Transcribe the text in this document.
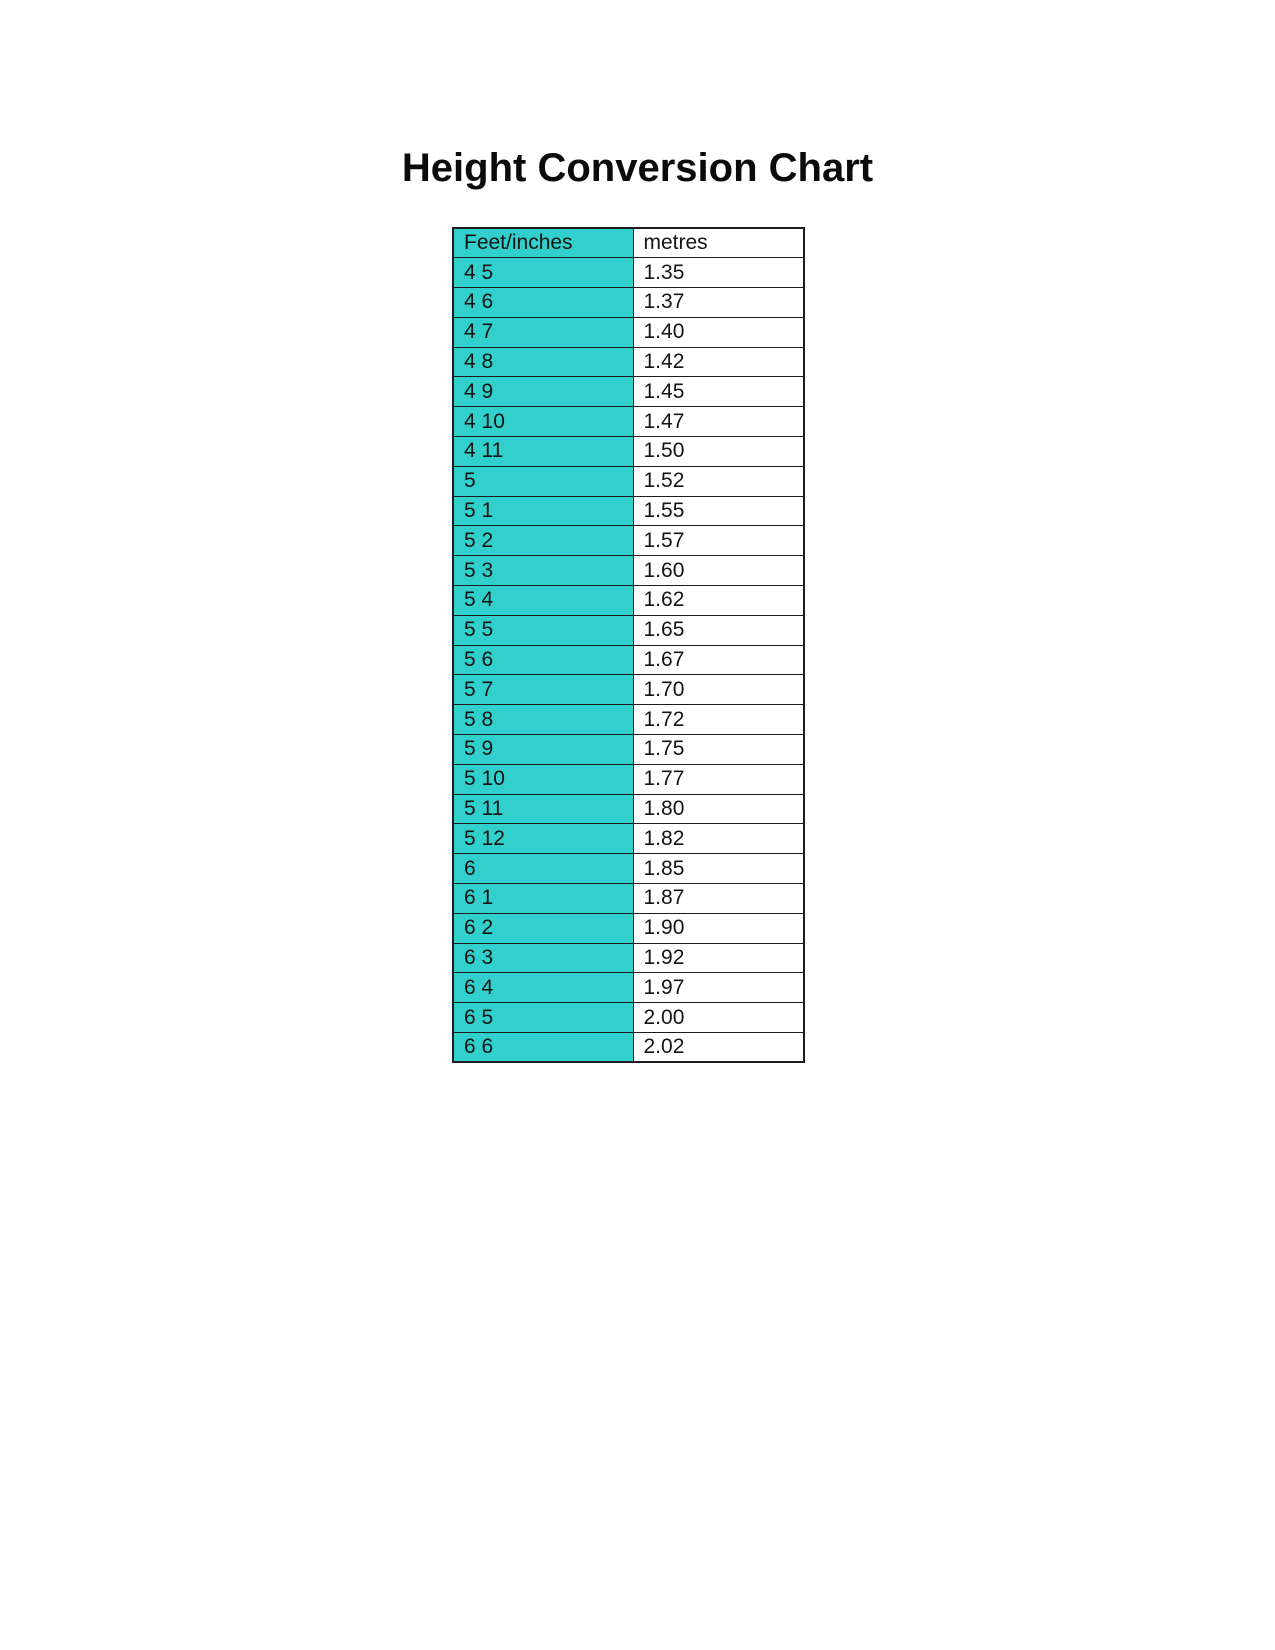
Height Conversion Chart
Feet/inches	metres
4 5	1.35
4 6	1.37
4 7	1.40
4 8	1.42
4 9	1.45
4 10	1.47
4 11	1.50
5	1.52
5 1	1.55
5 2	1.57
5 3	1.60
5 4	1.62
5 5	1.65
5 6	1.67
5 7	1.70
5 8	1.72
5 9	1.75
5 10	1.77
5 11	1.80
5 12	1.82
6	1.85
6 1	1.87
6 2	1.90
6 3	1.92
6 4	1.97
6 5	2.00
6 6	2.02
